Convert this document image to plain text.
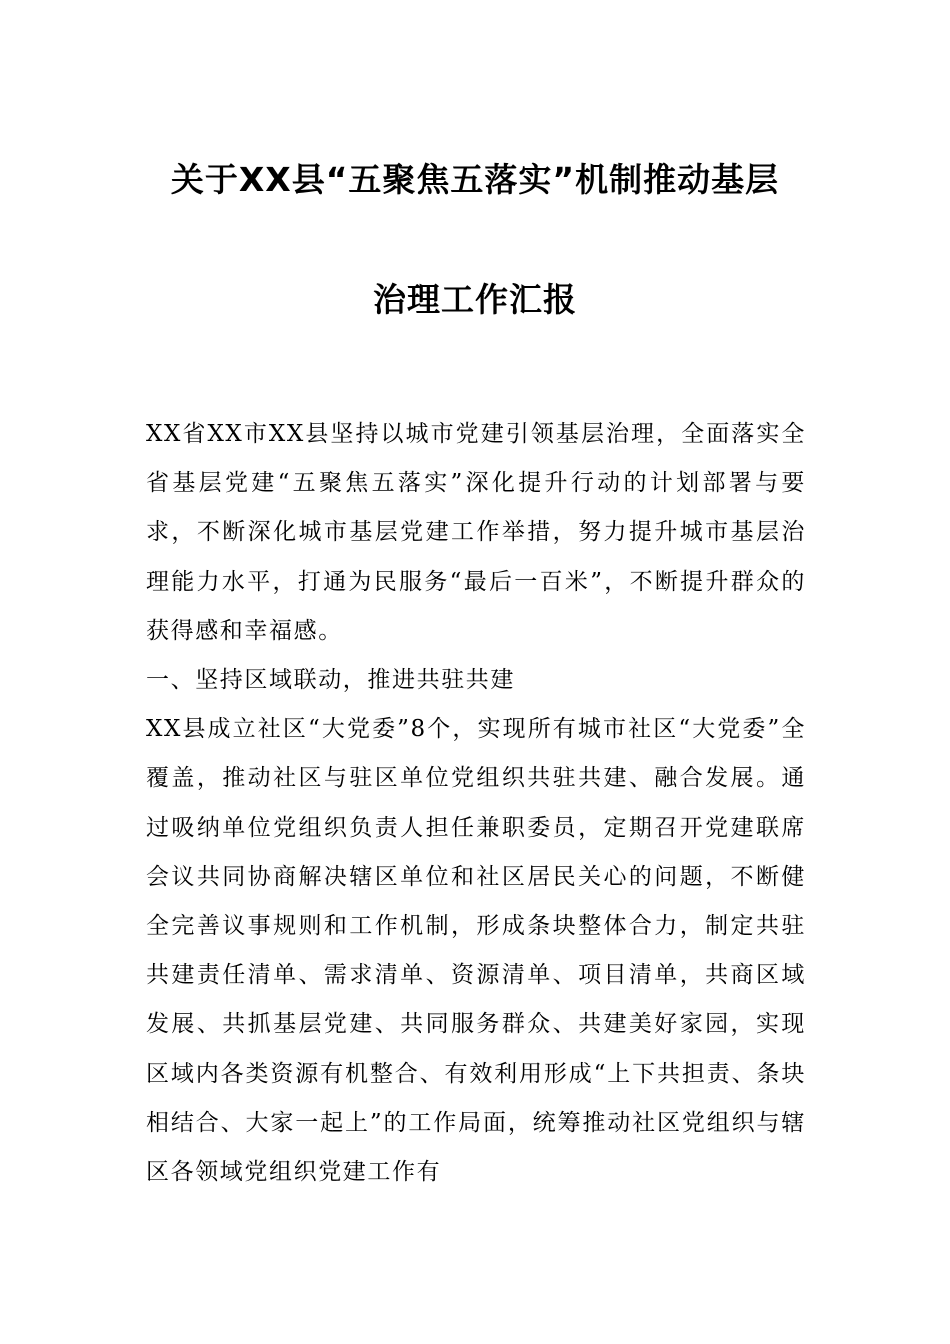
关于XX县“五聚焦五落实”机制推动基层
治理工作汇报

XX省XX市XX县坚持以城市党建引领基层治理，全面落实全省基层党建“五聚焦五落实”深化提升行动的计划部署与要求，不断深化城市基层党建工作举措，努力提升城市基层治理能力水平，打通为民服务“最后一百米”，不断提升群众的获得感和幸福感。

一、坚持区域联动，推进共驻共建

XX县成立社区“大党委”8个，实现所有城市社区“大党委”全覆盖，推动社区与驻区单位党组织共驻共建、融合发展。通过吸纳单位党组织负责人担任兼职委员，定期召开党建联席会议共同协商解决辖区单位和社区居民关心的问题，不断健全完善议事规则和工作机制，形成条块整体合力，制定共驻共建责任清单、需求清单、资源清单、项目清单，共商区域发展、共抓基层党建、共同服务群众、共建美好家园，实现区域内各类资源有机整合、有效利用形成“上下共担责、条块相结合、大家一起上”的工作局面，统筹推动社区党组织与辖区各领域党组织党建工作有
